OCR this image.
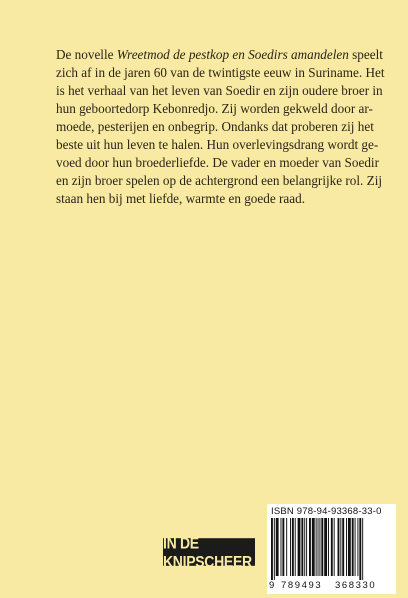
De novelle Wreetmod de pestkop en Soedirs amandelen speelt
zich af in de jaren 60 van de twintigste eeuw in Suriname. Het
is het verhaal van het leven van Soedir en zijn oudere broer in
hun geboortedorp Kebonredjo. Zij worden gekweld door ar-
moede, pesterijen en onbegrip. Ondanks dat proberen zij het
beste uit hun leven te halen. Hun overlevingsdrang wordt ge-
voed door hun broederliefde. De vader en moeder van Soedir
en zijn broer spelen op de achtergrond een belangrijke rol. Zij
staan hen bij met liefde, warmte en goede raad.
IN DE KNIPSCHEER
ISBN 978-94-93368-33-0
9 789493 368330
